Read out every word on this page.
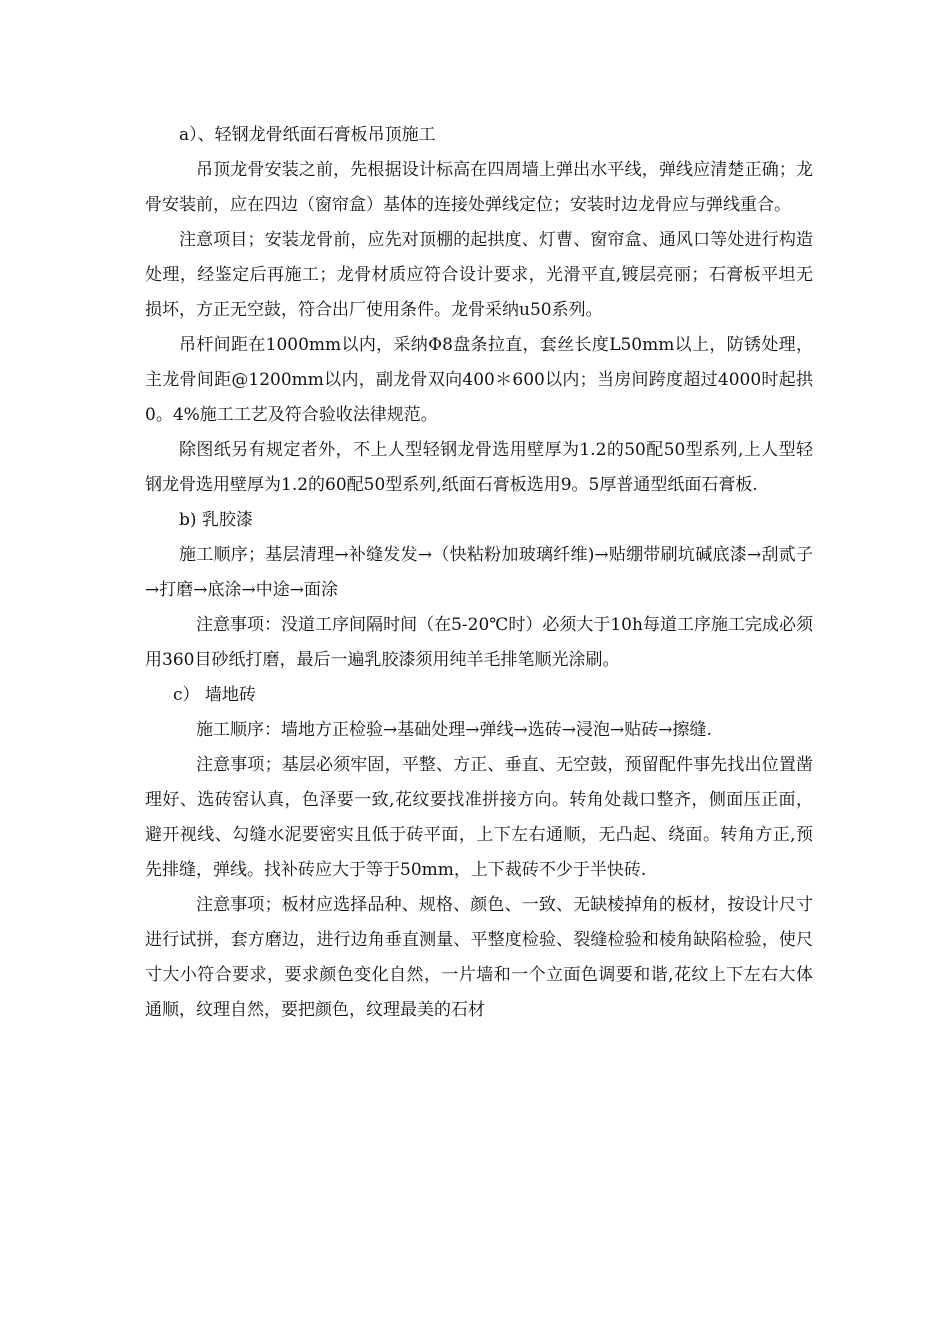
a）、轻钢龙骨纸面石膏板吊顶施工

吊顶龙骨安装之前，先根据设计标高在四周墙上弹出水平线，弹线应清楚正确；龙骨安装前，应在四边（窗帘盒）基体的连接处弹线定位；安装时边龙骨应与弹线重合。

注意项目；安装龙骨前，应先对顶棚的起拱度、灯曹、窗帘盒、通风口等处进行构造处理，经鉴定后再施工；龙骨材质应符合设计要求，光滑平直,镀层亮丽；石膏板平坦无损坏，方正无空鼓，符合出厂使用条件。龙骨采纳u50系列。

吊杆间距在1000mm以内，采纳Φ8盘条拉直，套丝长度L50mm以上，防锈处理，主龙骨间距@1200mm以内，副龙骨双向400＊600以内；当房间跨度超过4000时起拱0。4%施工工艺及符合验收法律规范。

除图纸另有规定者外，不上人型轻钢龙骨选用壁厚为1.2的50配50型系列,上人型轻钢龙骨选用壁厚为1.2的60配50型系列,纸面石膏板选用9。5厚普通型纸面石膏板.

b) 乳胶漆

施工顺序；基层清理→补缝发发→（快粘粉加玻璃纤维)→贴绷带刷坑碱底漆→刮贰子→打磨→底涂→中途→面涂

注意事项：没道工序间隔时间（在5-20℃时）必须大于10h每道工序施工完成必须用360目砂纸打磨，最后一遍乳胶漆须用纯羊毛排笔顺光涂刷。

c） 墙地砖

施工顺序：墙地方正检验→基础处理→弹线→选砖→浸泡→贴砖→擦缝.

注意事项；基层必须牢固，平整、方正、垂直、无空鼓，预留配件事先找出位置凿理好、选砖窑认真，色泽要一致,花纹要找准拼接方向。转角处裁口整齐，侧面压正面，避开视线、勾缝水泥要密实且低于砖平面，上下左右通顺，无凸起、绕面。转角方正,预先排缝，弹线。找补砖应大于等于50mm，上下裁砖不少于半快砖.

注意事项；板材应选择品种、规格、颜色、一致、无缺棱掉角的板材，按设计尺寸进行试拼，套方磨边，进行边角垂直测量、平整度检验、裂缝检验和棱角缺陷检验，使尺寸大小符合要求，要求颜色变化自然，一片墙和一个立面色调要和谐,花纹上下左右大体通顺，纹理自然，要把颜色，纹理最美的石材
